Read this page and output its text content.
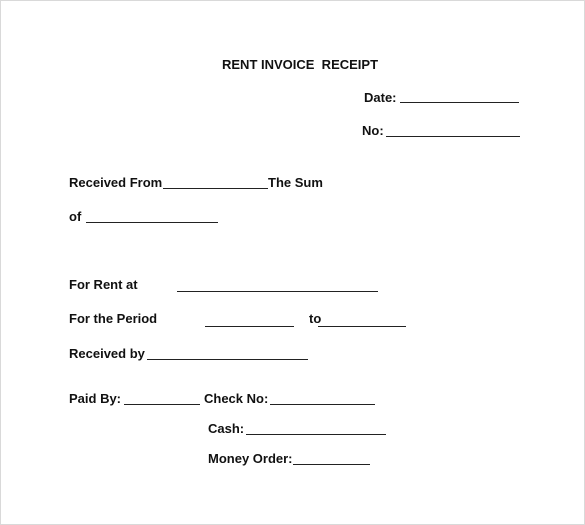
RENT INVOICE  RECEIPT
Date:
No:
Received From	The Sum
of
For Rent at
For the Period	to
Received by
Paid By:	Check No:
Cash:
Money Order:
